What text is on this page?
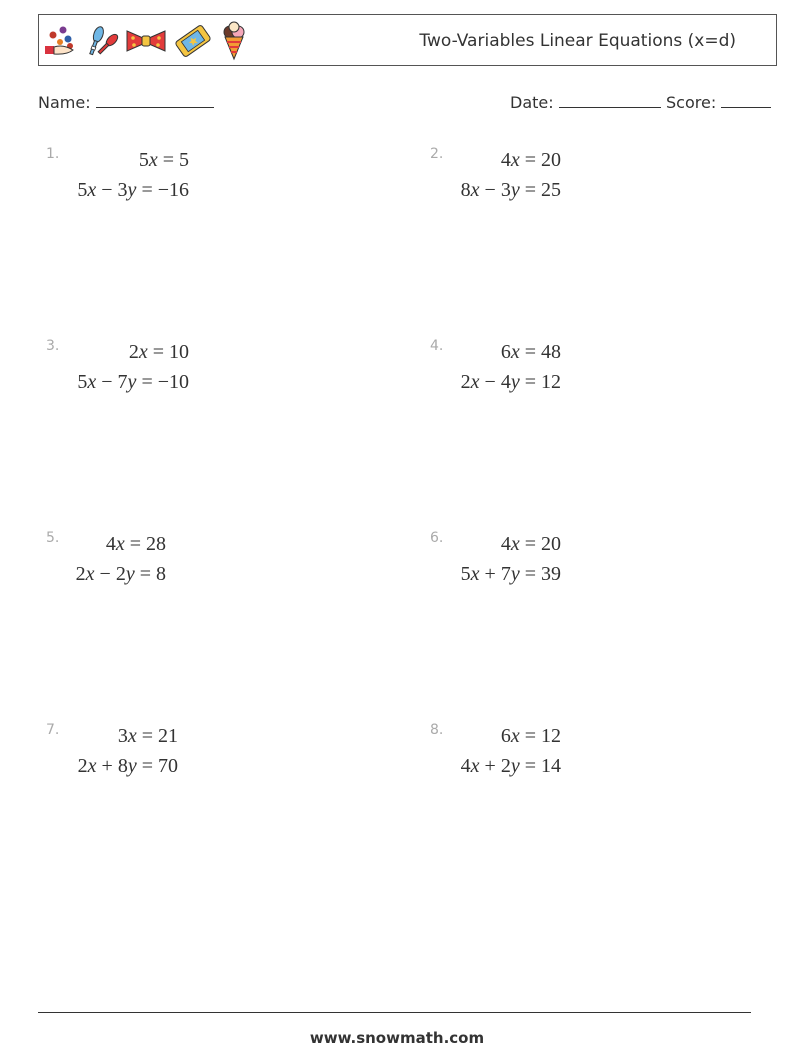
Two-Variables Linear Equations (x=d)
Name:	Date:	Score:
1.	5x = 5
5x − 3y = −16
2.	4x = 20
8x − 3y = 25
3.	2x = 10
5x − 7y = −10
4.	6x = 48
2x − 4y = 12
5. 4x = 28
2x − 2y = 8
6.	4x = 20
5x + 7y = 39
7.	3x = 21
2x + 8y = 70
8.	6x = 12
4x + 2y = 14
www.snowmath.com
